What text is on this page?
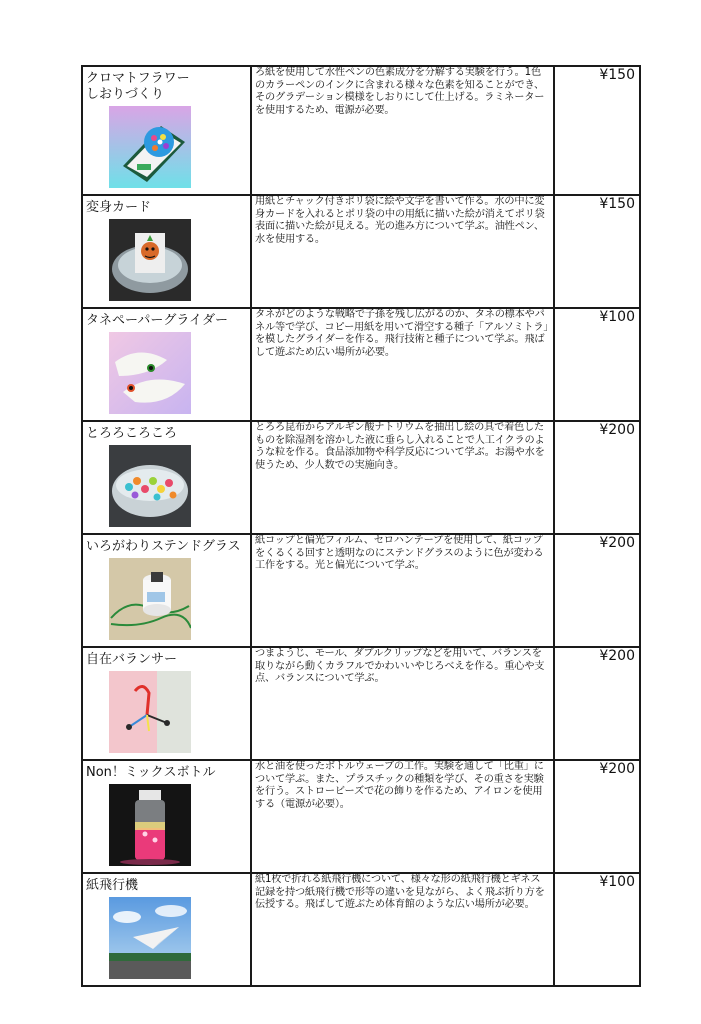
クロマトフラワー
しおりづくり	ろ紙を使用して水性ペンの色素成分を分解する実験を行う。1色のカラーペンのインクに含まれる様々な色素を知ることができ、そのグラデーション模様をしおりにして仕上げる。ラミネーターを使用するため、電源が必要。	¥150

変身カード	用紙とチャック付きポリ袋に絵や文字を書いて作る。水の中に変身カードを入れるとポリ袋の中の用紙に描いた絵が消えてポリ袋表面に描いた絵が見える。光の進み方について学ぶ。油性ペン、水を使用する。	¥150

タネペーパーグライダー	タネがどのような戦略で子孫を残し広がるのか、タネの標本やパネル等で学び、コピー用紙を用いて滑空する種子「アルソミトラ」を模したグライダーを作る。飛行技術と種子について学ぶ。飛ばして遊ぶため広い場所が必要。	¥100

とろろころころ	とろろ昆布からアルギン酸ナトリウムを抽出し絵の具で着色したものを除湿剤を溶かした液に垂らし入れることで人工イクラのような粒を作る。食品添加物や科学反応について学ぶ。お湯や水を使うため、少人数での実施向き。	¥200

いろがわりステンドグラス	紙コップと偏光フィルム、セロハンテープを使用して、紙コップをくるくる回すと透明なのにステンドグラスのように色が変わる工作をする。光と偏光について学ぶ。	¥200

自在バランサー	つまようじ、モール、ダブルクリップなどを用いて、バランスを取りながら動くカラフルでかわいいやじろべえを作る。重心や支点、バランスについて学ぶ。	¥200

Non！ミックスボトル	水と油を使ったボトルウェーブの工作。実験を通して「比重」について学ぶ。また、プラスチックの種類を学び、その重さを実験を行う。ストロービーズで花の飾りを作るため、アイロンを使用する（電源が必要）。	¥200

紙飛行機	紙1枚で折れる紙飛行機について、様々な形の紙飛行機とギネス記録を持つ紙飛行機で形等の違いを見ながら、よく飛ぶ折り方を伝授する。飛ばして遊ぶため体育館のような広い場所が必要。	¥100
